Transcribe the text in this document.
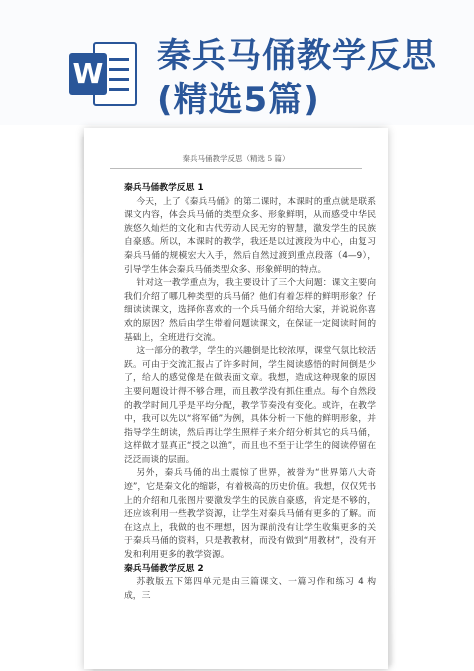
W 秦兵马俑教学反思
(精选5篇)
秦兵马俑教学反思（精选 5 篇）
秦兵马俑教学反思 1

今天，上了《秦兵马俑》的第二课时，本课时的重点就是联系课文内容，体会兵马俑的类型众多、形象鲜明，从而感受中华民族悠久灿烂的文化和古代劳动人民无穷的智慧，激发学生的民族自豪感。所以，本课时的教学，我还是以过渡段为中心，由复习秦兵马俑的规模宏大入手，然后自然过渡到重点段落（4—9），引导学生体会秦兵马俑类型众多、形象鲜明的特点。

针对这一教学重点为，我主要设计了三个大问题：课文主要向我们介绍了哪几种类型的兵马俑？他们有着怎样的鲜明形象？仔细读读课文，选择你喜欢的一个兵马俑介绍给大家，并说说你喜欢的原因？然后由学生带着问题读课文，在保证一定阅读时间的基础上，全班进行交流。

这一部分的教学，学生的兴趣倒是比较浓厚，课堂气氛比较活跃。可由于交流汇报占了许多时间，学生阅读感悟的时间倒是少了，给人的感觉像是在做表面文章。我想，造成这种现象的原因主要问题设计得不够合理，而且教学没有抓住重点。每个自然段的教学时间几乎是平均分配，教学节奏没有变化。或许，在教学中，我可以先以“将军俑”为例，具体分析一下他的鲜明形象，并指导学生朗读，然后再让学生照样子来介绍分析其它的兵马俑，这样做才显真正“授之以渔”，而且也不至于让学生的阅读停留在泛泛而谈的层面。

另外，秦兵马俑的出土震惊了世界，被誉为“世界第八大奇迹”，它是秦文化的缩影，有着极高的历史价值。我想，仅仅凭书上的介绍和几张图片要激发学生的民族自豪感，肯定是不够的，还应该利用一些教学资源，让学生对秦兵马俑有更多的了解。而在这点上，我做的也不理想，因为课前没有让学生收集更多的关于秦兵马俑的资料，只是教教材，而没有做到“用教材”，没有开发和利用更多的教学资源。

秦兵马俑教学反思 2

苏教版五下第四单元是由三篇课文、一篇习作和练习 4 构成，三
